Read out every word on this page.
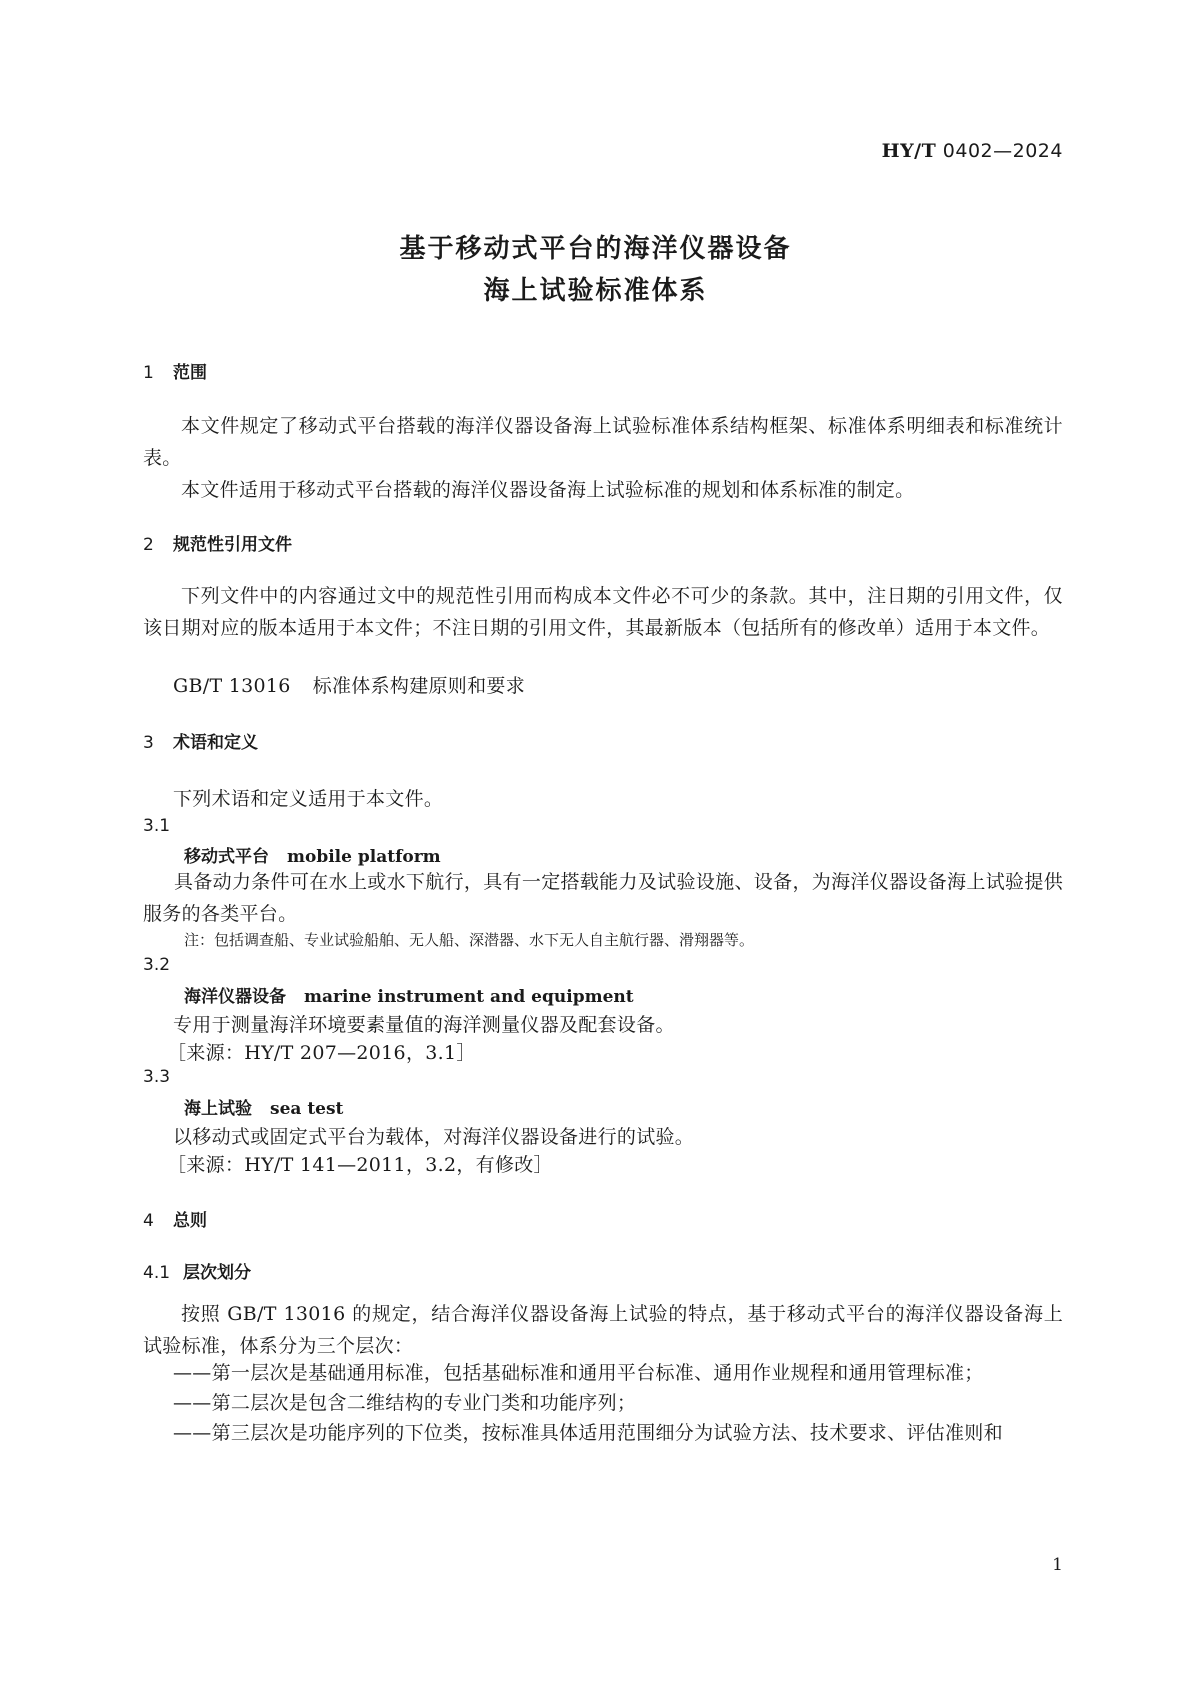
HY/T 0402—2024
基于移动式平台的海洋仪器设备
海上试验标准体系
1 范围
本文件规定了移动式平台搭载的海洋仪器设备海上试验标准体系结构框架、标准体系明细表和标准统计表。
本文件适用于移动式平台搭载的海洋仪器设备海上试验标准的规划和体系标准的制定。
2 规范性引用文件
下列文件中的内容通过文中的规范性引用而构成本文件必不可少的条款。其中，注日期的引用文件，仅该日期对应的版本适用于本文件；不注日期的引用文件，其最新版本（包括所有的修改单）适用于本文件。
GB/T 13016 标准体系构建原则和要求
3 术语和定义
下列术语和定义适用于本文件。
3.1
移动式平台 mobile platform
具备动力条件可在水上或水下航行，具有一定搭载能力及试验设施、设备，为海洋仪器设备海上试验提供服务的各类平台。
注：包括调查船、专业试验船舶、无人船、深潜器、水下无人自主航行器、滑翔器等。
3.2
海洋仪器设备 marine instrument and equipment
专用于测量海洋环境要素量值的海洋测量仪器及配套设备。
［来源：HY/T 207—2016，3.1］
3.3
海上试验 sea test
以移动式或固定式平台为载体，对海洋仪器设备进行的试验。
［来源：HY/T 141—2011，3.2，有修改］
4 总则
4.1 层次划分
按照 GB/T 13016 的规定，结合海洋仪器设备海上试验的特点，基于移动式平台的海洋仪器设备海上试验标准，体系分为三个层次：
——第一层次是基础通用标准，包括基础标准和通用平台标准、通用作业规程和通用管理标准；
——第二层次是包含二维结构的专业门类和功能序列；
——第三层次是功能序列的下位类，按标准具体适用范围细分为试验方法、技术要求、评估准则和
1
